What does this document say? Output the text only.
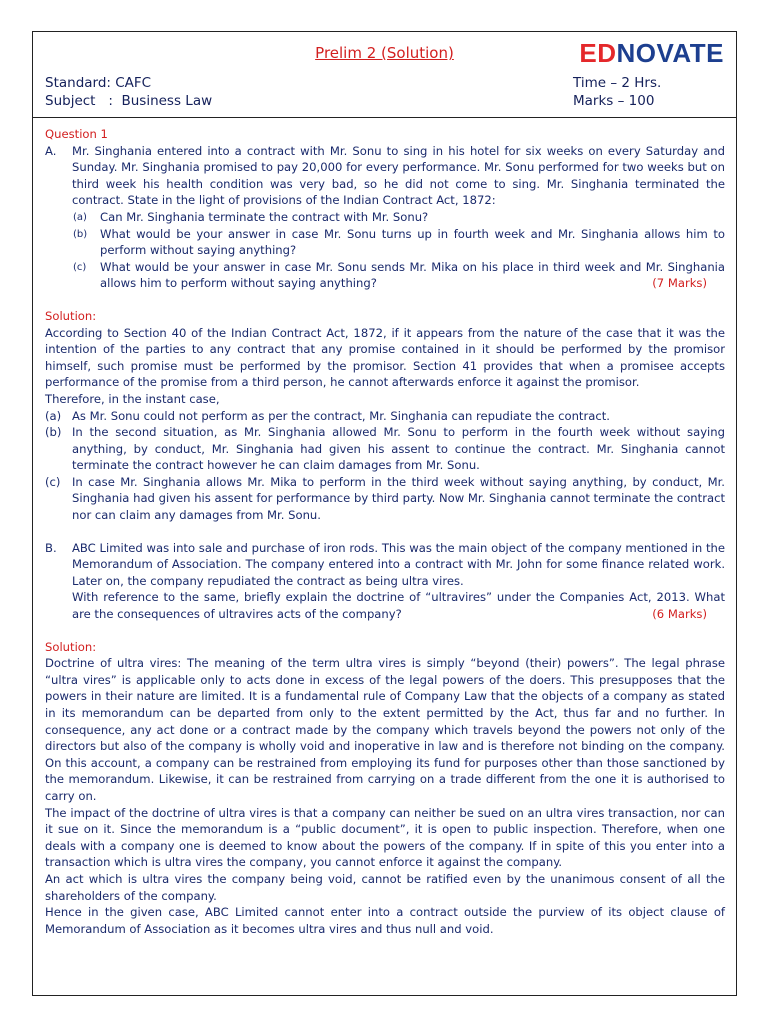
Prelim 2 (Solution)	EDNOVATE
Standard: CAFC
Subject   :  Business Law
Time – 2 Hrs.
Marks – 100
Question 1
A. Mr. Singhania entered into a contract with Mr. Sonu to sing in his hotel for six weeks on every Saturday and Sunday. Mr. Singhania promised to pay 20,000 for every performance. Mr. Sonu performed for two weeks but on third week his health condition was very bad, so he did not come to sing. Mr. Singhania terminated the contract. State in the light of provisions of the Indian Contract Act, 1872:
(a) Can Mr. Singhania terminate the contract with Mr. Sonu?
(b) What would be your answer in case Mr. Sonu turns up in fourth week and Mr. Singhania allows him to perform without saying anything?
(c) What would be your answer in case Mr. Sonu sends Mr. Mika on his place in third week and Mr. Singhania allows him to perform without saying anything?	(7 Marks)
Solution:
According to Section 40 of the Indian Contract Act, 1872, if it appears from the nature of the case that it was the intention of the parties to any contract that any promise contained in it should be performed by the promisor himself, such promise must be performed by the promisor. Section 41 provides that when a promisee accepts performance of the promise from a third person, he cannot afterwards enforce it against the promisor.
Therefore, in the instant case,
(a) As Mr. Sonu could not perform as per the contract, Mr. Singhania can repudiate the contract.
(b) In the second situation, as Mr. Singhania allowed Mr. Sonu to perform in the fourth week without saying anything, by conduct, Mr. Singhania had given his assent to continue the contract. Mr. Singhania cannot terminate the contract however he can claim damages from Mr. Sonu.
(c) In case Mr. Singhania allows Mr. Mika to perform in the third week without saying anything, by conduct, Mr. Singhania had given his assent for performance by third party. Now Mr. Singhania cannot terminate the contract nor can claim any damages from Mr. Sonu.
B. ABC Limited was into sale and purchase of iron rods. This was the main object of the company mentioned in the Memorandum of Association. The company entered into a contract with Mr. John for some finance related work. Later on, the company repudiated the contract as being ultra vires.
With reference to the same, briefly explain the doctrine of “ultravires” under the Companies Act, 2013. What are the consequences of ultravires acts of the company?	(6 Marks)
Solution:
Doctrine of ultra vires: The meaning of the term ultra vires is simply “beyond (their) powers”. The legal phrase “ultra vires” is applicable only to acts done in excess of the legal powers of the doers. This presupposes that the powers in their nature are limited. It is a fundamental rule of Company Law that the objects of a company as stated in its memorandum can be departed from only to the extent permitted by the Act, thus far and no further. In consequence, any act done or a contract made by the company which travels beyond the powers not only of the directors but also of the company is wholly void and inoperative in law and is therefore not binding on the company. On this account, a company can be restrained from employing its fund for purposes other than those sanctioned by the memorandum. Likewise, it can be restrained from carrying on a trade different from the one it is authorised to carry on.
The impact of the doctrine of ultra vires is that a company can neither be sued on an ultra vires transaction, nor can it sue on it. Since the memorandum is a “public document”, it is open to public inspection. Therefore, when one deals with a company one is deemed to know about the powers of the company. If in spite of this you enter into a transaction which is ultra vires the company, you cannot enforce it against the company.
An act which is ultra vires the company being void, cannot be ratified even by the unanimous consent of all the shareholders of the company.
Hence in the given case, ABC Limited cannot enter into a contract outside the purview of its object clause of Memorandum of Association as it becomes ultra vires and thus null and void.
